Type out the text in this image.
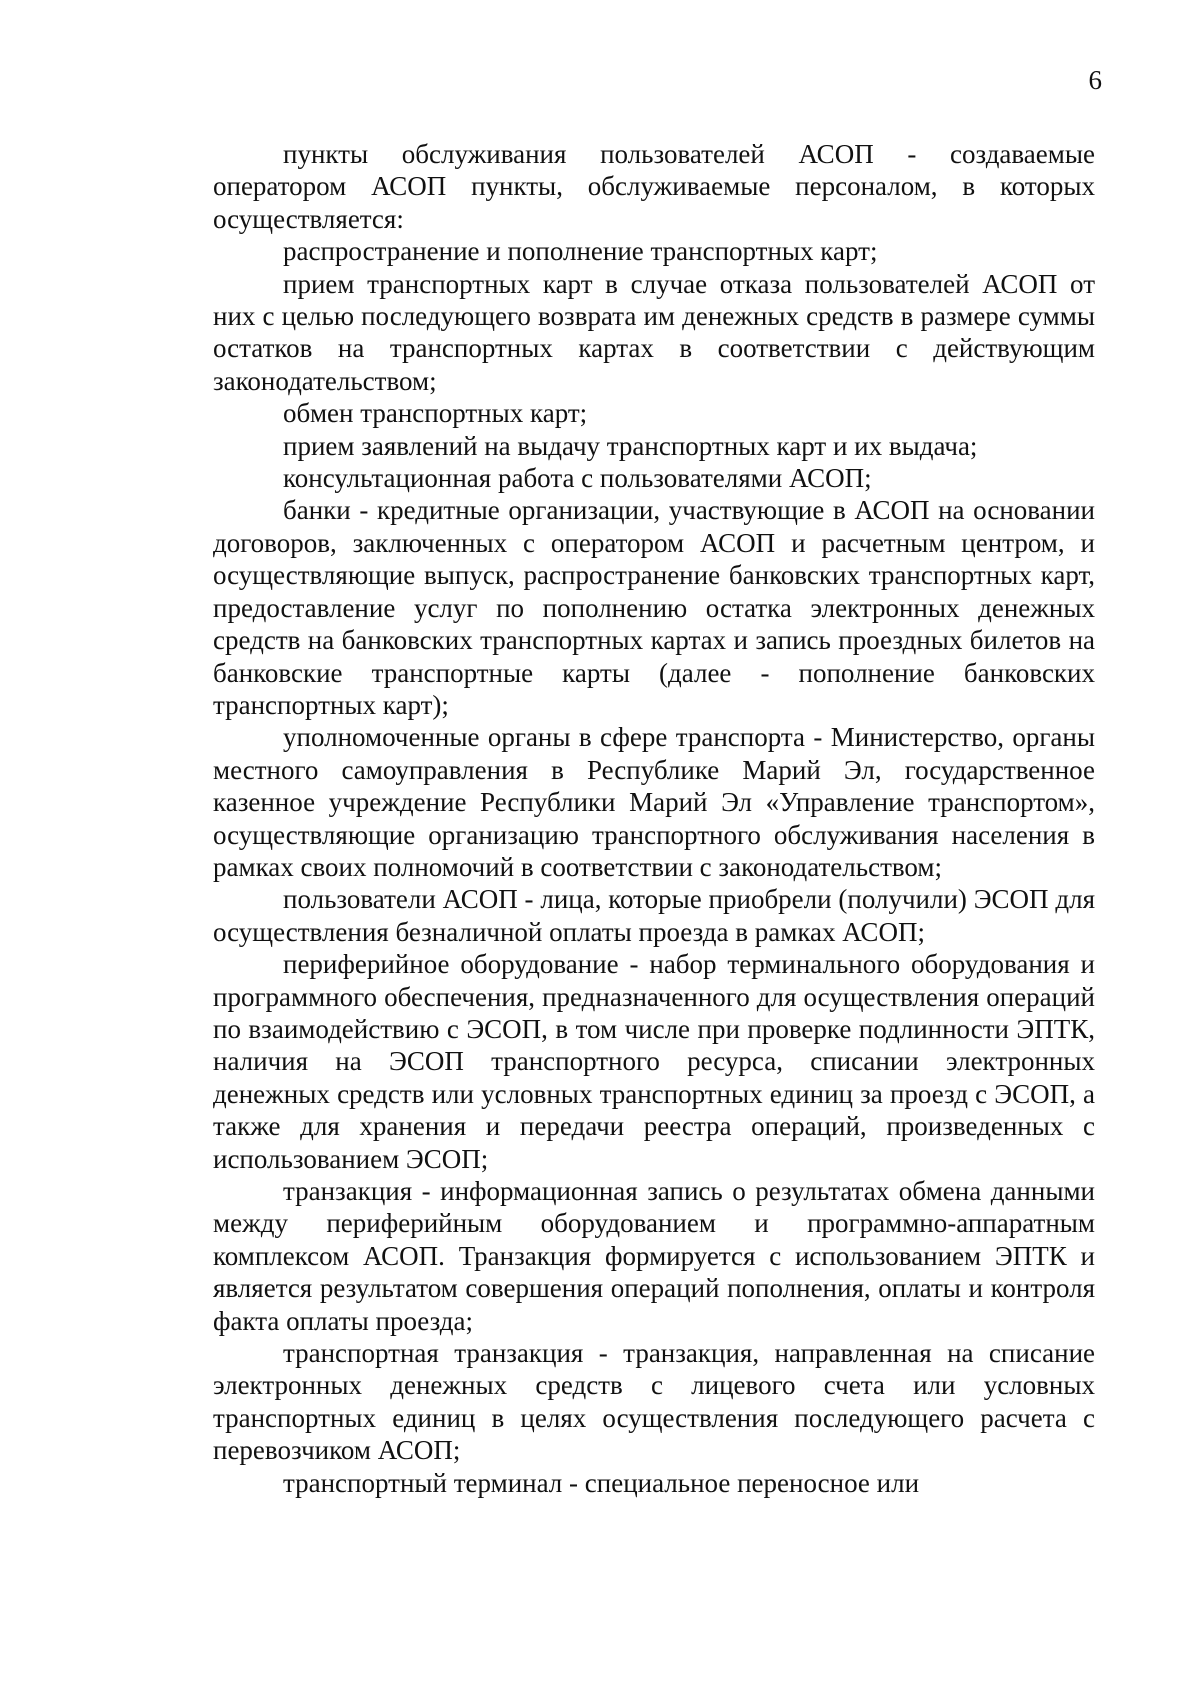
6

пункты обслуживания пользователей АСОП - создаваемые оператором АСОП пункты, обслуживаемые персоналом, в которых осуществляется:

распространение и пополнение транспортных карт;

прием транспортных карт в случае отказа пользователей АСОП от них с целью последующего возврата им денежных средств в размере суммы остатков на транспортных картах в соответствии с действующим законодательством;

обмен транспортных карт;

прием заявлений на выдачу транспортных карт и их выдача;

консультационная работа с пользователями АСОП;

банки - кредитные организации, участвующие в АСОП на основании договоров, заключенных с оператором АСОП и расчетным центром, и осуществляющие выпуск, распространение банковских транспортных карт, предоставление услуг по пополнению остатка электронных денежных средств на банковских транспортных картах и запись проездных билетов на банковские транспортные карты (далее - пополнение банковских транспортных карт);

уполномоченные органы в сфере транспорта - Министерство, органы местного самоуправления в Республике Марий Эл, государственное казенное учреждение Республики Марий Эл «Управление транспортом», осуществляющие организацию транспортного обслуживания населения в рамках своих полномочий в соответствии с законодательством;

пользователи АСОП - лица, которые приобрели (получили) ЭСОП для осуществления безналичной оплаты проезда в рамках АСОП;

периферийное оборудование - набор терминального оборудования и программного обеспечения, предназначенного для осуществления операций по взаимодействию с ЭСОП, в том числе при проверке подлинности ЭПТК, наличия на ЭСОП транспортного ресурса, списании электронных денежных средств или условных транспортных единиц за проезд с ЭСОП, а также для хранения и передачи реестра операций, произведенных с использованием ЭСОП;

транзакция - информационная запись о результатах обмена данными между периферийным оборудованием и программно-аппаратным комплексом АСОП. Транзакция формируется с использованием ЭПТК и является результатом совершения операций пополнения, оплаты и контроля факта оплаты проезда;

транспортная транзакция - транзакция, направленная на списание электронных денежных средств с лицевого счета или условных транспортных единиц в целях осуществления последующего расчета с перевозчиком АСОП;

транспортный терминал - специальное переносное или
